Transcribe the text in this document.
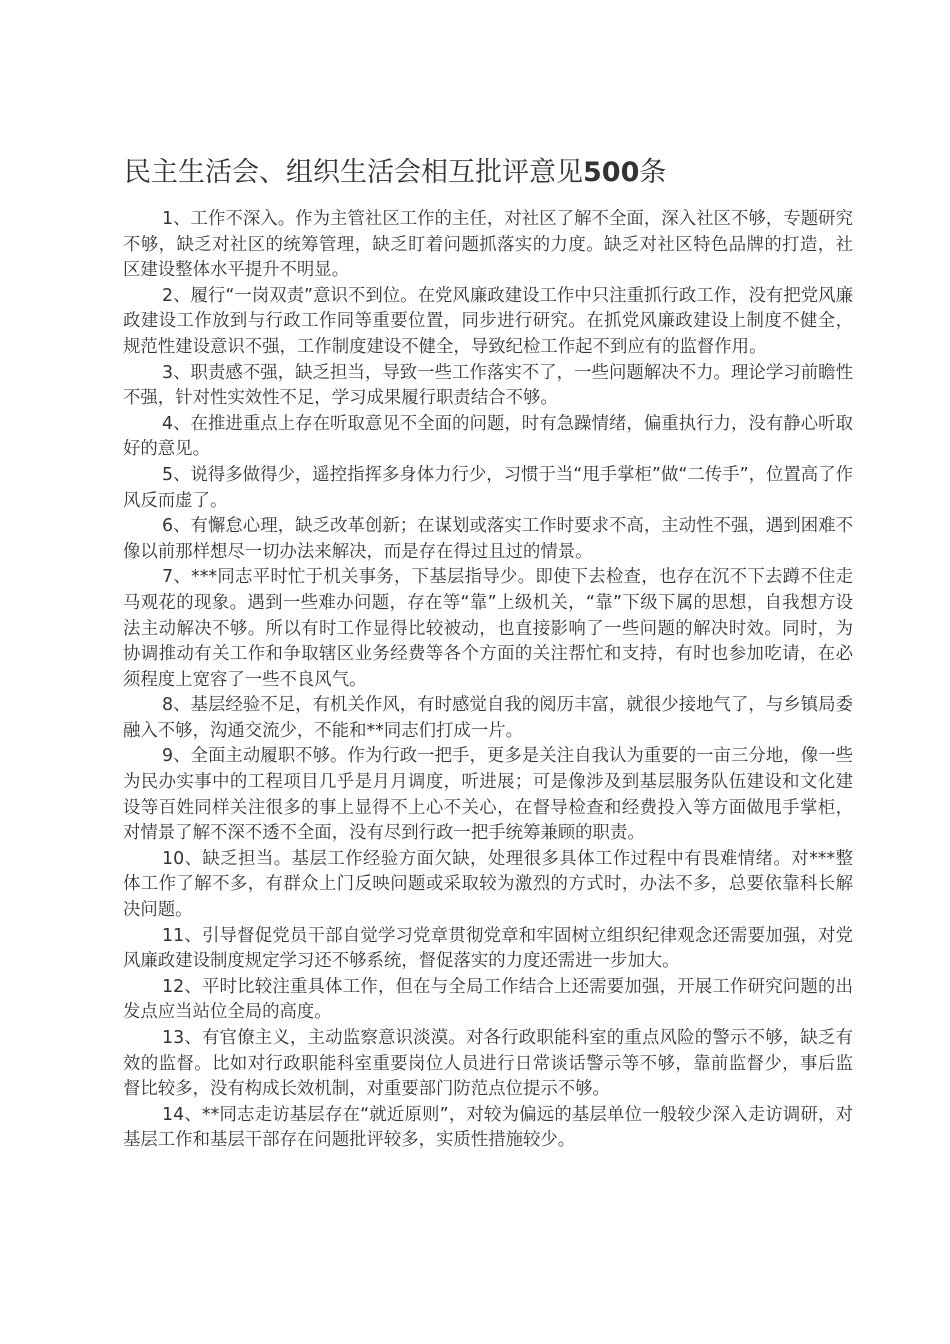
民主生活会、组织生活会相互批评意见500条

1、工作不深入。作为主管社区工作的主任，对社区了解不全面，深入社区不够，专题研究不够，缺乏对社区的统筹管理，缺乏盯着问题抓落实的力度。缺乏对社区特色品牌的打造，社区建设整体水平提升不明显。

2、履行“一岗双责”意识不到位。在党风廉政建设工作中只注重抓行政工作，没有把党风廉政建设工作放到与行政工作同等重要位置，同步进行研究。在抓党风廉政建设上制度不健全，规范性建设意识不强，工作制度建设不健全，导致纪检工作起不到应有的监督作用。

3、职责感不强，缺乏担当，导致一些工作落实不了，一些问题解决不力。理论学习前瞻性不强，针对性实效性不足，学习成果履行职责结合不够。

4、在推进重点上存在听取意见不全面的问题，时有急躁情绪，偏重执行力，没有静心听取好的意见。

5、说得多做得少，遥控指挥多身体力行少，习惯于当“甩手掌柜”做“二传手”，位置高了作风反而虚了。

6、有懈怠心理，缺乏改革创新；在谋划或落实工作时要求不高，主动性不强，遇到困难不像以前那样想尽一切办法来解决，而是存在得过且过的情景。

7、***同志平时忙于机关事务，下基层指导少。即使下去检查，也存在沉不下去蹲不住走马观花的现象。遇到一些难办问题，存在等“靠”上级机关，“靠”下级下属的思想，自我想方设法主动解决不够。所以有时工作显得比较被动，也直接影响了一些问题的解决时效。同时，为协调推动有关工作和争取辖区业务经费等各个方面的关注帮忙和支持，有时也参加吃请，在必须程度上宽容了一些不良风气。

8、基层经验不足，有机关作风，有时感觉自我的阅历丰富，就很少接地气了，与乡镇局委融入不够，沟通交流少，不能和**同志们打成一片。

9、全面主动履职不够。作为行政一把手，更多是关注自我认为重要的一亩三分地，像一些为民办实事中的工程项目几乎是月月调度，听进展；可是像涉及到基层服务队伍建设和文化建设等百姓同样关注很多的事上显得不上心不关心，在督导检查和经费投入等方面做甩手掌柜，对情景了解不深不透不全面，没有尽到行政一把手统筹兼顾的职责。

10、缺乏担当。基层工作经验方面欠缺，处理很多具体工作过程中有畏难情绪。对***整体工作了解不多，有群众上门反映问题或采取较为激烈的方式时，办法不多，总要依靠科长解决问题。

11、引导督促党员干部自觉学习党章贯彻党章和牢固树立组织纪律观念还需要加强，对党风廉政建设制度规定学习还不够系统，督促落实的力度还需进一步加大。

12、平时比较注重具体工作，但在与全局工作结合上还需要加强，开展工作研究问题的出发点应当站位全局的高度。

13、有官僚主义，主动监察意识淡漠。对各行政职能科室的重点风险的警示不够，缺乏有效的监督。比如对行政职能科室重要岗位人员进行日常谈话警示等不够，靠前监督少，事后监督比较多，没有构成长效机制，对重要部门防范点位提示不够。

14、**同志走访基层存在“就近原则”，对较为偏远的基层单位一般较少深入走访调研，对基层工作和基层干部存在问题批评较多，实质性措施较少。
